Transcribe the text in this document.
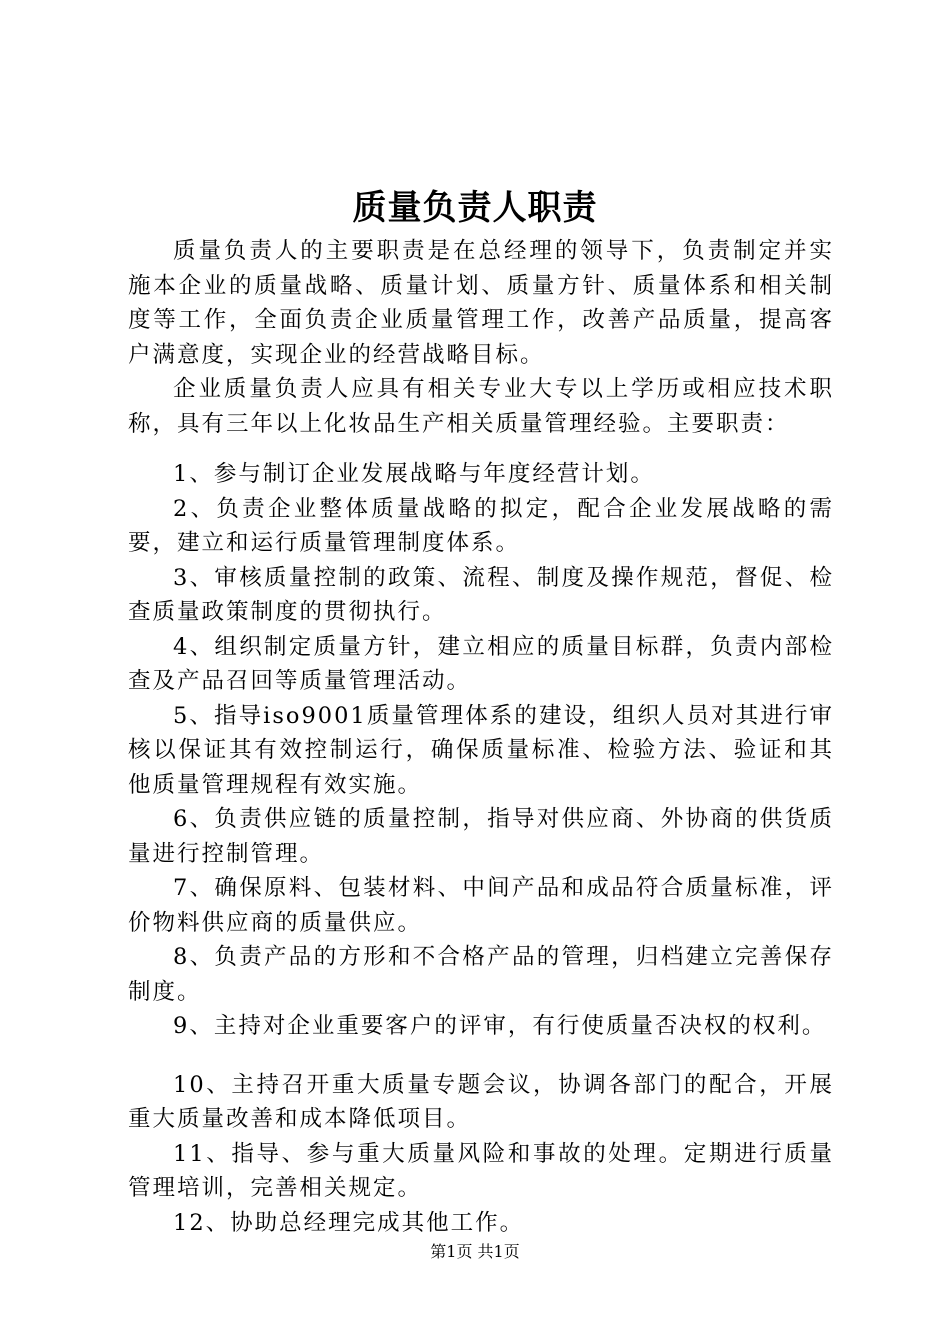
质量负责人职责

质量负责人的主要职责是在总经理的领导下，负责制定并实施本企业的质量战略、质量计划、质量方针、质量体系和相关制度等工作，全面负责企业质量管理工作，改善产品质量，提高客户满意度，实现企业的经营战略目标。

企业质量负责人应具有相关专业大专以上学历或相应技术职称，具有三年以上化妆品生产相关质量管理经验。主要职责：

1、参与制订企业发展战略与年度经营计划。

2、负责企业整体质量战略的拟定，配合企业发展战略的需要，建立和运行质量管理制度体系。

3、审核质量控制的政策、流程、制度及操作规范，督促、检查质量政策制度的贯彻执行。

4、组织制定质量方针，建立相应的质量目标群，负责内部检查及产品召回等质量管理活动。

5、指导iso9001质量管理体系的建设，组织人员对其进行审核以保证其有效控制运行，确保质量标准、检验方法、验证和其他质量管理规程有效实施。

6、负责供应链的质量控制，指导对供应商、外协商的供货质量进行控制管理。

7、确保原料、包装材料、中间产品和成品符合质量标准，评价物料供应商的质量供应。

8、负责产品的方形和不合格产品的管理，归档建立完善保存制度。

9、主持对企业重要客户的评审，有行使质量否决权的权利。

10、主持召开重大质量专题会议，协调各部门的配合，开展重大质量改善和成本降低项目。

11、指导、参与重大质量风险和事故的处理。定期进行质量管理培训，完善相关规定。

12、协助总经理完成其他工作。

第1页 共1页
